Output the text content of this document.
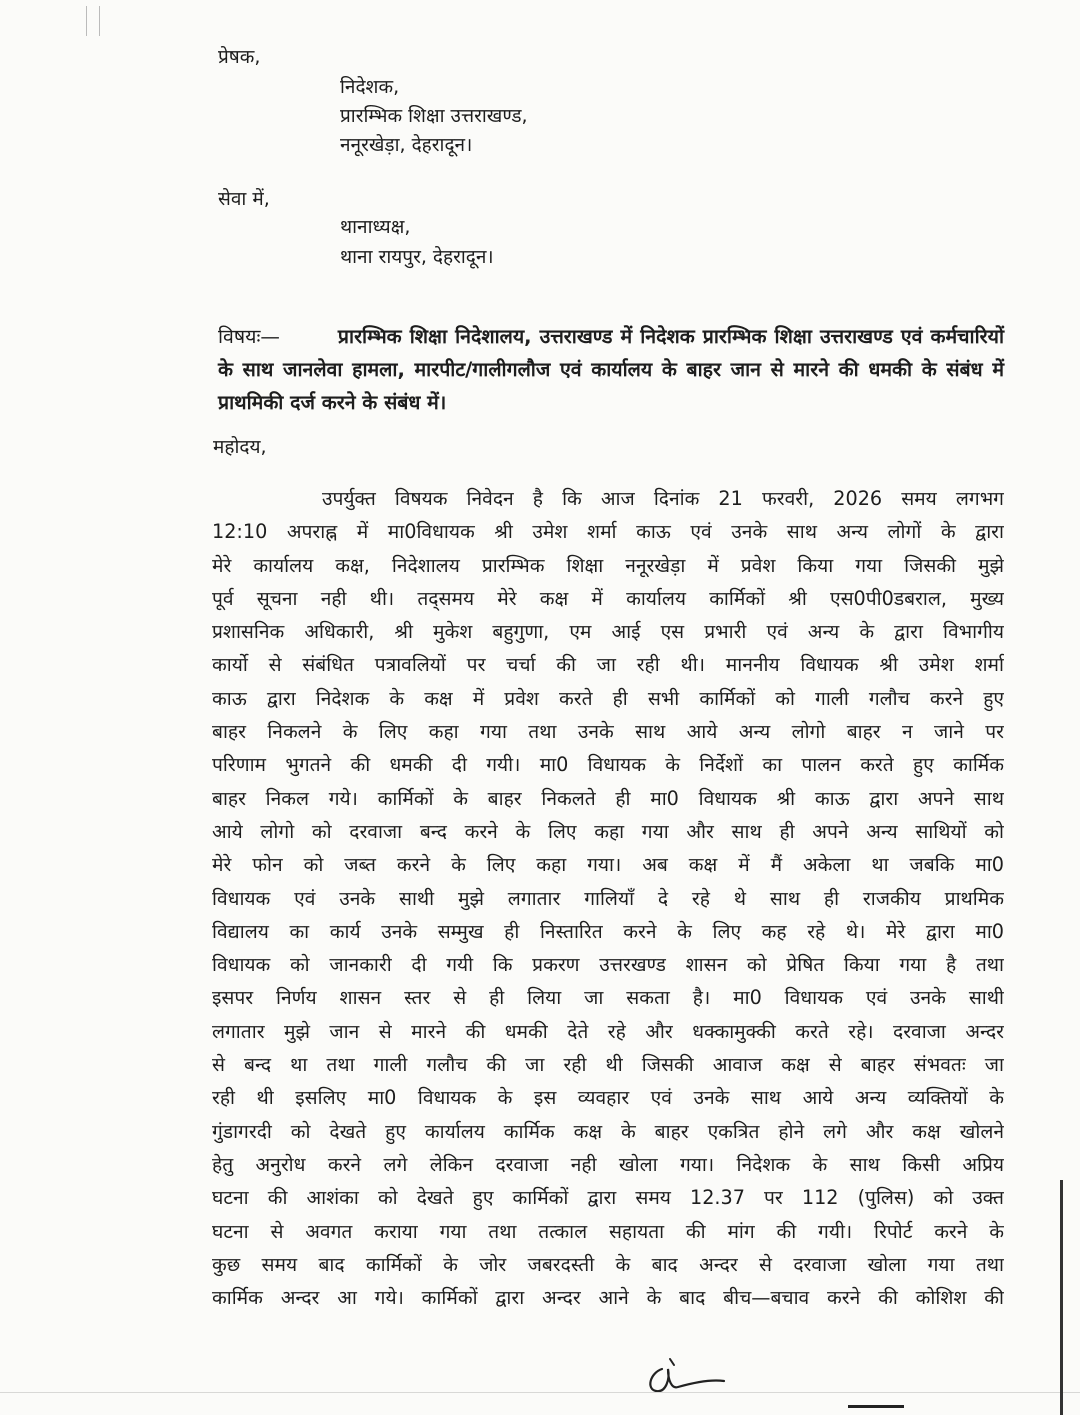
प्रेषक,
निदेशक,
प्रारम्भिक शिक्षा उत्तराखण्ड,
ननूरखेड़ा, देहरादून।
सेवा में,
थानाध्यक्ष,
थाना रायपुर, देहरादून।
विषयः—	प्रारम्भिक शिक्षा निदेशालय, उत्तराखण्ड में निदेशक प्रारम्भिक शिक्षा उत्तराखण्ड एवं कर्मचारियों के साथ जानलेवा हामला, मारपीट/गालीगलौज एवं कार्यालय के बाहर जान से मारने की धमकी के संबंध में प्राथमिकी दर्ज करने के संबंध में।
महोदय,
उपर्युक्त विषयक निवेदन है कि आज दिनांक 21 फरवरी, 2026 समय लगभग
12:10 अपराह्न में मा0विधायक श्री उमेश शर्मा काऊ एवं उनके साथ अन्य लोगों के द्वारा
मेरे कार्यालय कक्ष, निदेशालय प्रारम्भिक शिक्षा ननूरखेड़ा में प्रवेश किया गया जिसकी मुझे
पूर्व सूचना नही थी। तद्समय मेरे कक्ष में कार्यालय कार्मिकों श्री एस0पी0डबराल, मुख्य
प्रशासनिक अधिकारी, श्री मुकेश बहुगुणा, एम आई एस प्रभारी एवं अन्य के द्वारा विभागीय
कार्यो से संबंधित पत्रावलियों पर चर्चा की जा रही थी। माननीय विधायक श्री उमेश शर्मा
काऊ द्वारा निदेशक के कक्ष में प्रवेश करते ही सभी कार्मिकों को गाली गलौच करने हुए
बाहर निकलने के लिए कहा गया तथा उनके साथ आये अन्य लोगो बाहर न जाने पर
परिणाम भुगतने की धमकी दी गयी। मा0 विधायक के निर्देशों का पालन करते हुए कार्मिक
बाहर निकल गये। कार्मिकों के बाहर निकलते ही मा0 विधायक श्री काऊ द्वारा अपने साथ
आये लोगो को दरवाजा बन्द करने के लिए कहा गया और साथ ही अपने अन्य साथियों को
मेरे फोन को जब्त करने के लिए कहा गया। अब कक्ष में मैं अकेला था जबकि मा0
विधायक एवं उनके साथी मुझे लगातार गालियाँ दे रहे थे साथ ही राजकीय प्राथमिक
विद्यालय का कार्य उनके सम्मुख ही निस्तारित करने के लिए कह रहे थे। मेरे द्वारा मा0
विधायक को जानकारी दी गयी कि प्रकरण उत्तरखण्ड शासन को प्रेषित किया गया है तथा
इसपर निर्णय शासन स्तर से ही लिया जा सकता है। मा0 विधायक एवं उनके साथी
लगातार मुझे जान से मारने की धमकी देते रहे और धक्कामुक्की करते रहे। दरवाजा अन्दर
से बन्द था तथा गाली गलौच की जा रही थी जिसकी आवाज कक्ष से बाहर संभवतः जा
रही थी इसलिए मा0 विधायक के इस व्यवहार एवं उनके साथ आये अन्य व्यक्तियों के
गुंडागरदी को देखते हुए कार्यालय कार्मिक कक्ष के बाहर एकत्रित होने लगे और कक्ष खोलने
हेतु अनुरोध करने लगे लेकिन दरवाजा नही खोला गया। निदेशक के साथ किसी अप्रिय
घटना की आशंका को देखते हुए कार्मिकों द्वारा समय 12.37 पर 112 (पुलिस) को उक्त
घटना से अवगत कराया गया तथा तत्काल सहायता की मांग की गयी। रिपोर्ट करने के
कुछ समय बाद कार्मिकों के जोर जबरदस्ती के बाद अन्दर से दरवाजा खोला गया तथा
कार्मिक अन्दर आ गये। कार्मिकों द्वारा अन्दर आने के बाद बीच—बचाव करने की कोशिश की
